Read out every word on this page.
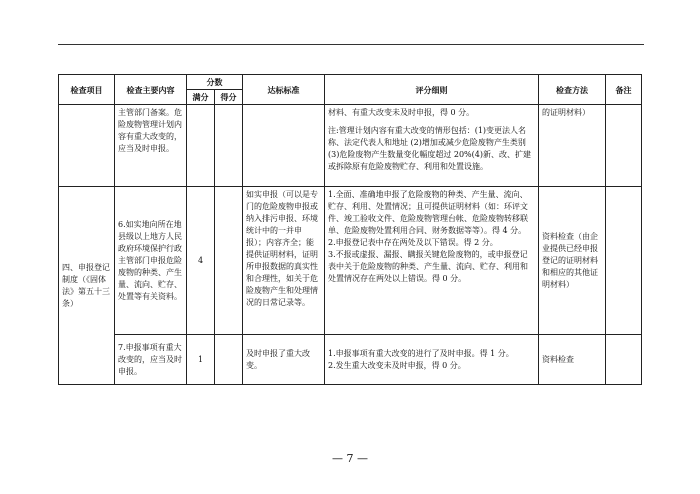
检查项目	检查主要内容	分数		达标标准	评分细则	检查方法	备注
		满分	得分				
	主管部门备案。危险废物管理计划内容有重大改变的，应当及时申报。				材料、有重大改变未及时申报，得 0 分。

注:管理计划内容有重大改变的情形包括：(1)变更法人名称、法定代表人和地址 (2)增加或减少危险废物产生类别(3)危险废物产生数量变化幅度超过 20%(4)新、改、扩建或拆除原有危险废物贮存、利用和处置设施。	的证明材料）	
四、申报登记制度（《固体法》第五十三条）	6.如实地向所在地县级以上地方人民政府环境保护行政主管部门申报危险废物的种类、产生量、流向、贮存、处置等有关资料。	4		如实申报（可以是专门的危险废物申报或纳入排污申报、环境统计中的一并申报）；内容齐全；能提供证明材料，证明所申报数据的真实性和合理性，如关于危险废物产生和处理情况的日常记录等。	1.全面、准确地申报了危险废物的种类、产生量、流向、贮存、利用、处置情况；且可提供证明材料（如：环评文件、竣工验收文件、危险废物管理台帐、危险废物转移联单、危险废物处置利用合同、财务数据等等）。得 4 分。

2.申报登记表中存在两处及以下错误。得 2 分。

3.不报或虚报、漏报、瞒报关键危险废物的，或申报登记表中关于危险废物的种类、产生量、流向、贮存、利用和处置情况存在两处以上错误。得 0 分。	资料检查（由企业提供已经申报登记的证明材料和相应的其他证明材料）	
	7.申报事项有重大改变的，应当及时申报。	1		及时申报了重大改变。	1.申报事项有重大改变的进行了及时申报。得 1 分。

2.发生重大改变未及时申报，得 0 分。	资料检查	
— 7 —
